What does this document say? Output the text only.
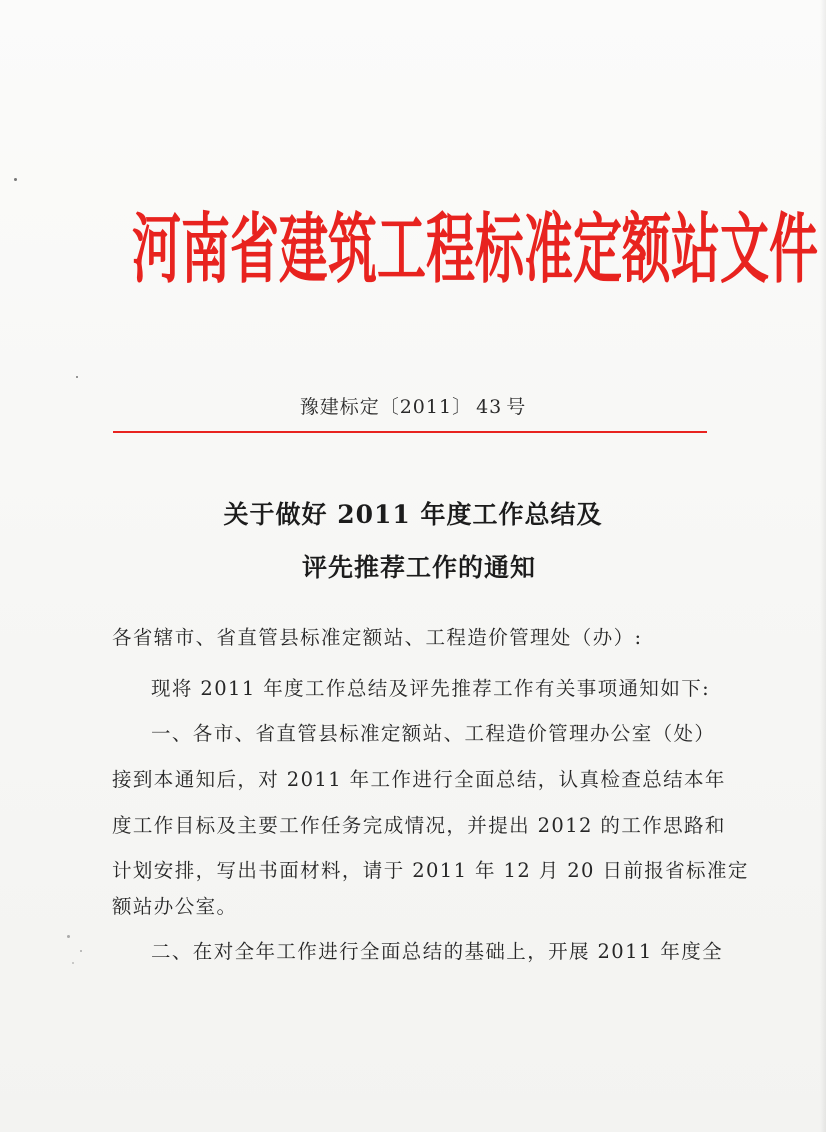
河南省建筑工程标准定额站文件
豫建标定〔2011〕 43 号
关于做好 2011 年度工作总结及
评先推荐工作的通知
各省辖市、省直管县标准定额站、工程造价管理处（办）:
现将 2011 年度工作总结及评先推荐工作有关事项通知如下:
一、各市、省直管县标准定额站、工程造价管理办公室（处）
接到本通知后，对 2011 年工作进行全面总结，认真检查总结本年
度工作目标及主要工作任务完成情况，并提出 2012 的工作思路和
计划安排，写出书面材料，请于 2011 年 12 月 20 日前报省标准定
额站办公室。
二、在对全年工作进行全面总结的基础上，开展 2011 年度全
